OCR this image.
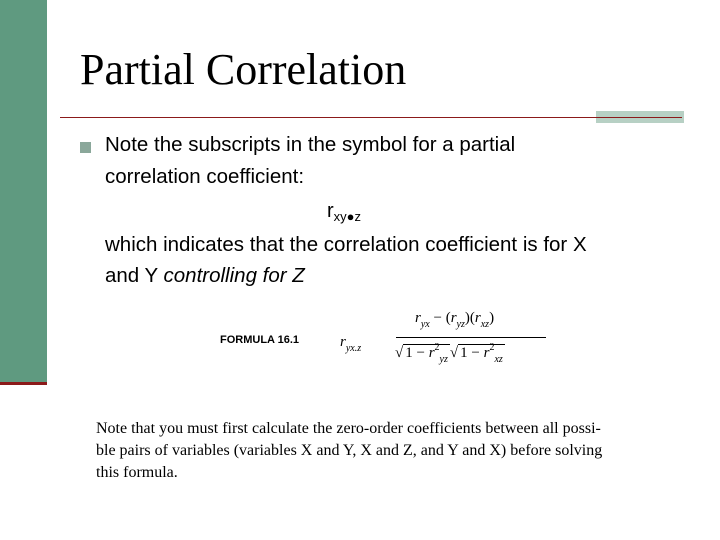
Partial Correlation
Note the subscripts in the symbol for a partial
correlation coefficient:
$r_{xy●z}$
which indicates that the correlation coefficient is for X
and Y controlling for Z
FORMULA 16.1	$r_{yx.z}$
$r_{yx} - (r_{yz})(r_{xz})$
√ $1 - r^2_{yz}$ √ $1 - r^2_{xz}$
Note that you must first calculate the zero-order coefficients between all possi-
ble pairs of variables (variables X and Y, X and Z, and Y and X) before solving
this formula.
